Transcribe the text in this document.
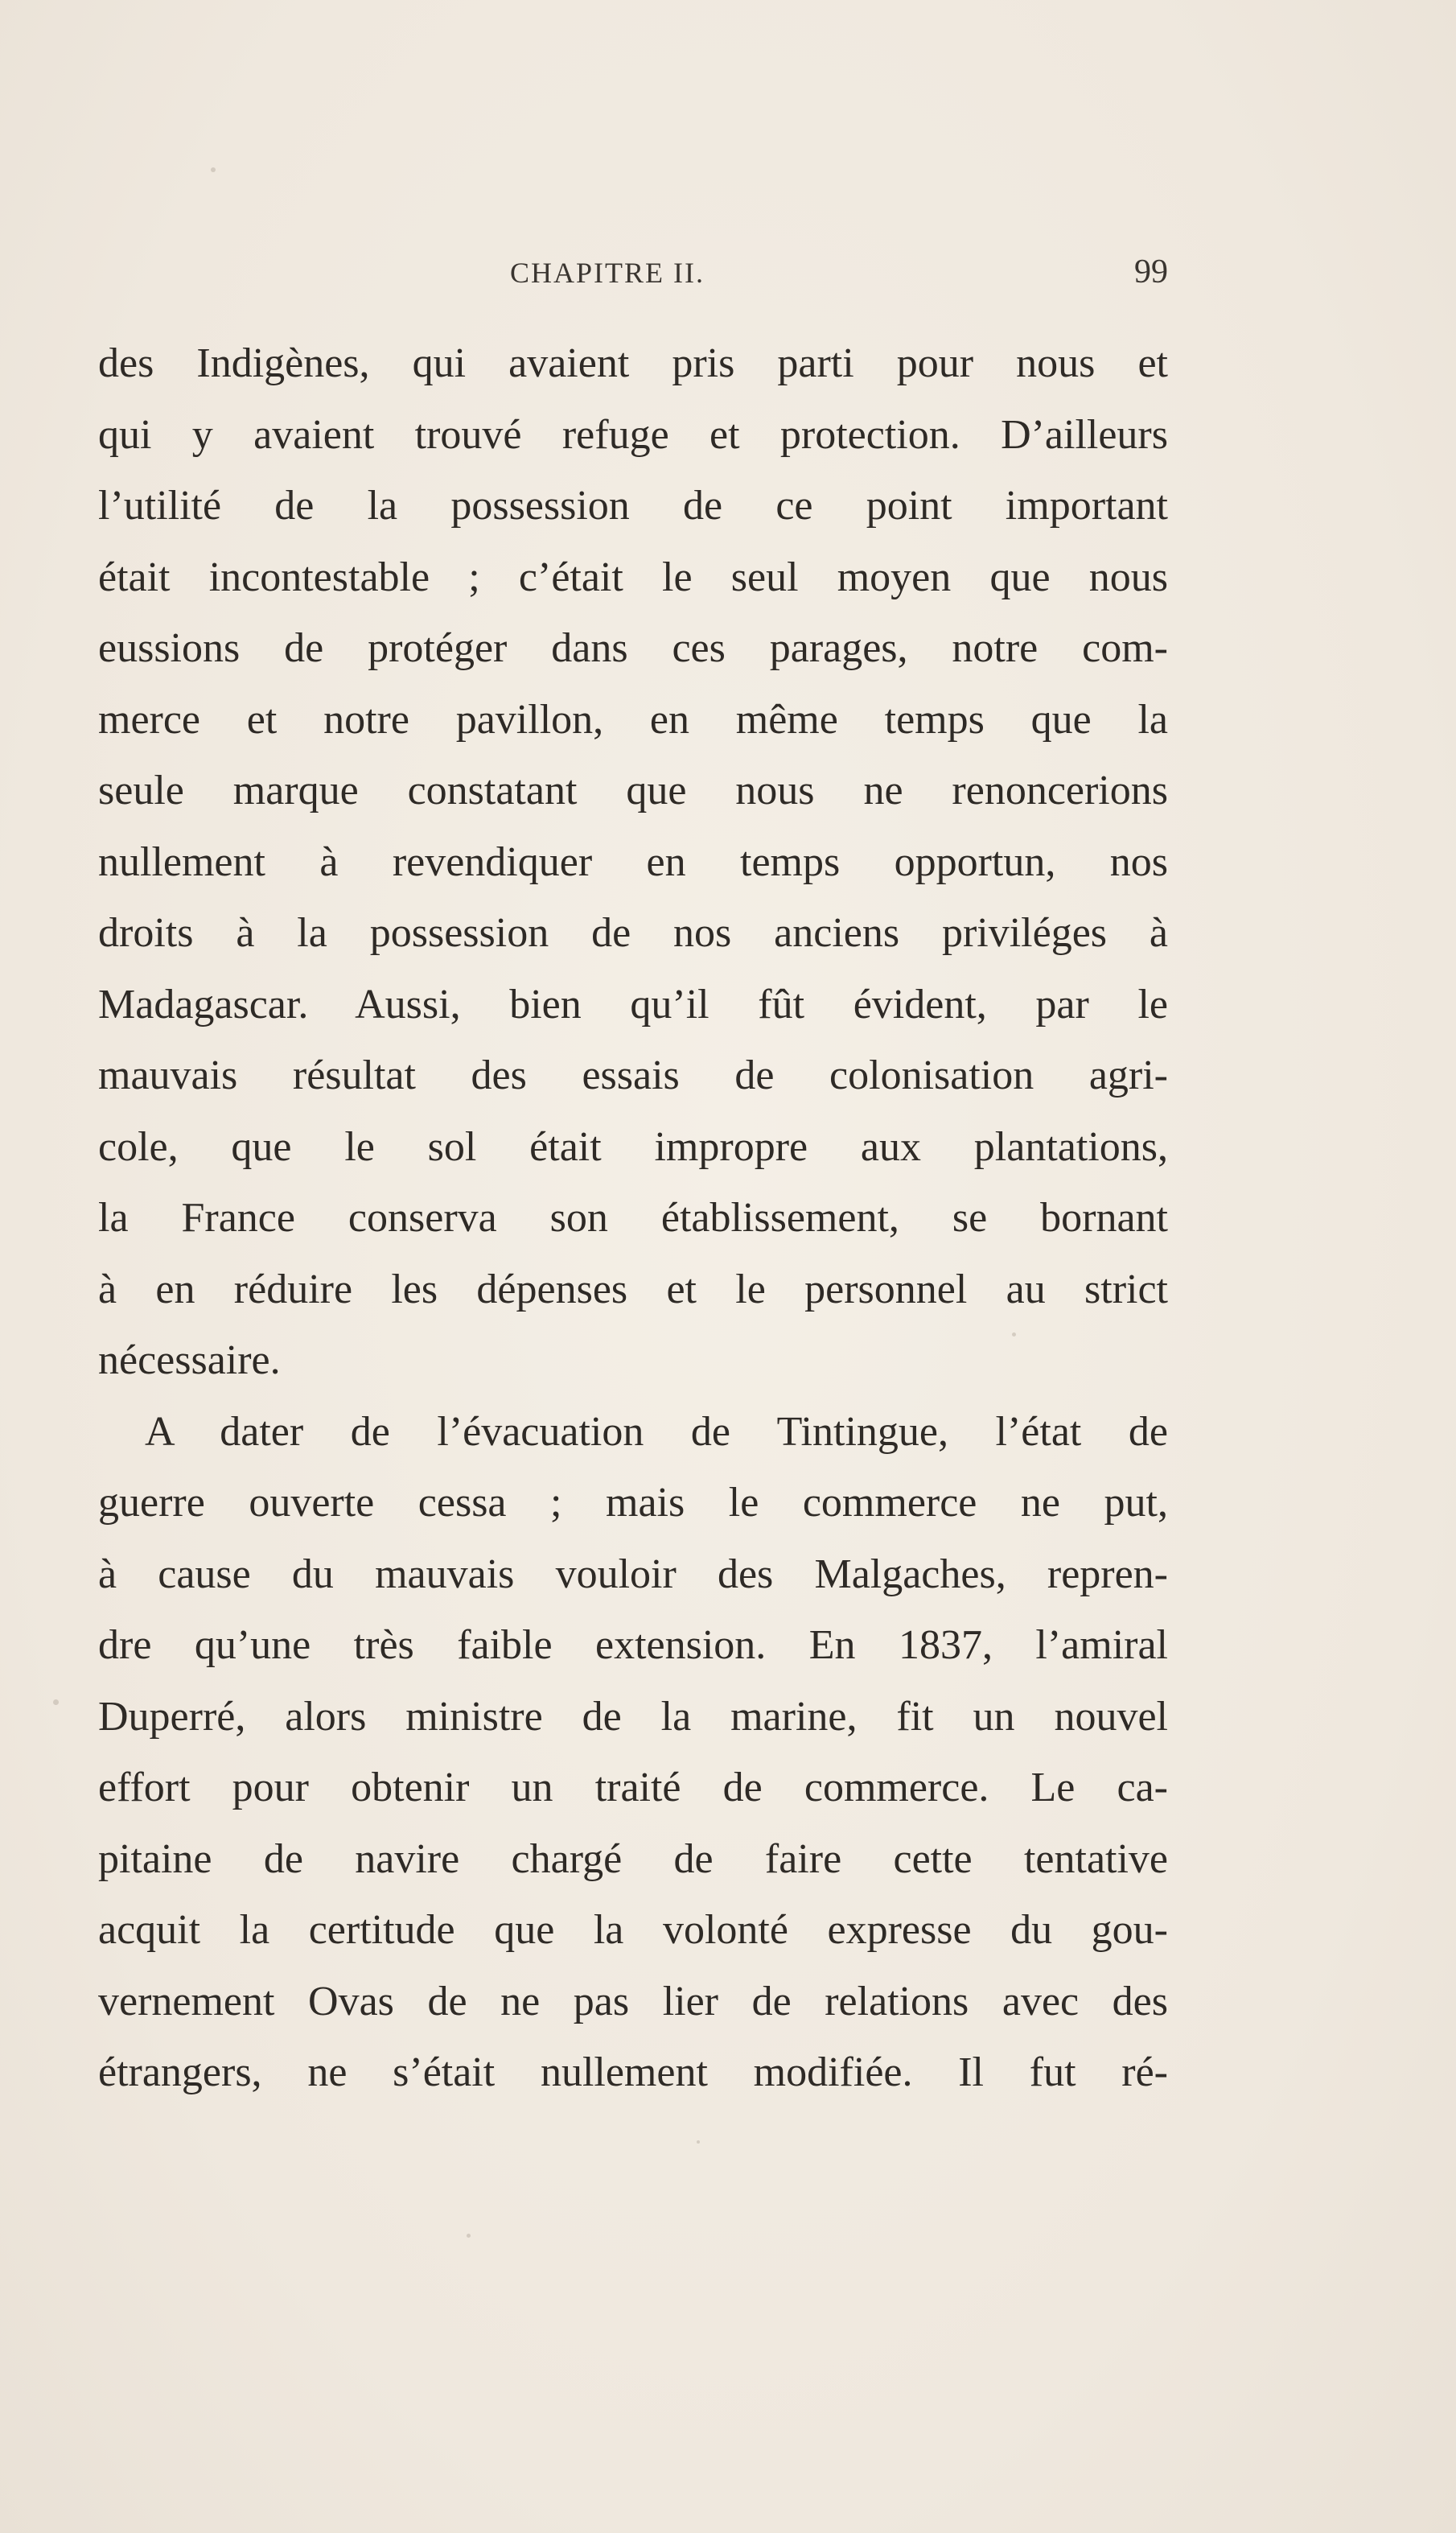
CHAPITRE II.	99
des Indigènes, qui avaient pris parti pour nous et
qui y avaient trouvé refuge et protection. D’ailleurs
l’utilité de la possession de ce point important
était incontestable ; c’était le seul moyen que nous
eussions de protéger dans ces parages, notre com-
merce et notre pavillon, en même temps que la
seule marque constatant que nous ne renoncerions
nullement à revendiquer en temps opportun, nos
droits à la possession de nos anciens priviléges à
Madagascar. Aussi, bien qu’il fût évident, par le
mauvais résultat des essais de colonisation agri-
cole, que le sol était impropre aux plantations,
la France conserva son établissement, se bornant
à en réduire les dépenses et le personnel au strict
nécessaire.
A dater de l’évacuation de Tintingue, l’état de
guerre ouverte cessa ; mais le commerce ne put,
à cause du mauvais vouloir des Malgaches, repren-
dre qu’une très faible extension. En 1837, l’amiral
Duperré, alors ministre de la marine, fit un nouvel
effort pour obtenir un traité de commerce. Le ca-
pitaine de navire chargé de faire cette tentative
acquit la certitude que la volonté expresse du gou-
vernement Ovas de ne pas lier de relations avec des
étrangers, ne s’était nullement modifiée. Il fut ré-
